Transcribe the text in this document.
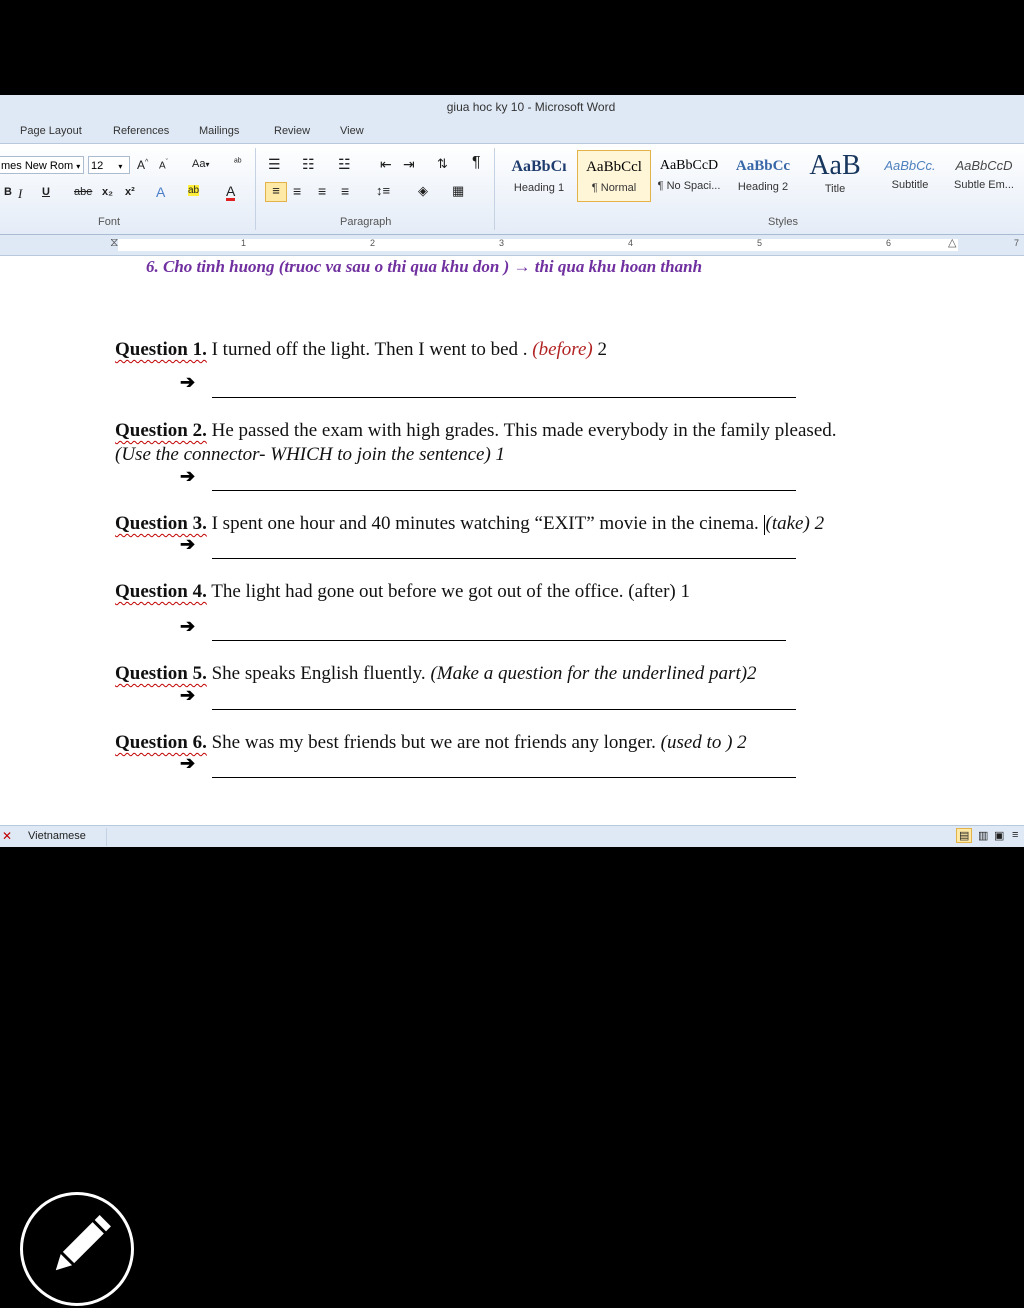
giua hoc ky 10 - Microsoft Word
Page Layout	References	Mailings	Review	View
mes New Rom ▾ 12 ▾	A^ $A^ˇ$ Aa▾ ᵃᵇ
B I U abe x₂ x² A ab A
Font
☰ ☷ ☳ ⇤ ⇥ ⇅ ¶
≡ ≡ ≡ ≡ ↕≡ ◈ ▦
Paragraph
AaBbCı
Heading 1
AaBbCcl
¶ Normal
AaBbCcD
¶ No Spaci...
AaBbCc
Heading 2
AaB
Title
AaBbCc.
Subtitle
AaBbCcD
Subtle Em...
Styles
1	2	3	4	5	6	7
⧖	△
6. Cho tinh huong (truoc va sau o thi qua khu don ) → thi qua khu hoan thanh
Question 1. I turned off the light. Then I went to bed . (before) 2
➔
Question 2. He passed the exam with high grades. This made everybody in the family pleased.
(Use the connector- WHICH to join the sentence) 1
➔
Question 3. I spent one hour and 40 minutes watching “EXIT” movie in the cinema. (take) 2
➔
Question 4. The light had gone out before we got out of the office. (after) 1
➔
Question 5. She speaks English fluently. (Make a question for the underlined part)2
➔
Question 6. She was my best friends but we are not friends any longer. (used to ) 2
➔
✕ Vietnamese	▤ ▥ ▣ ≡
